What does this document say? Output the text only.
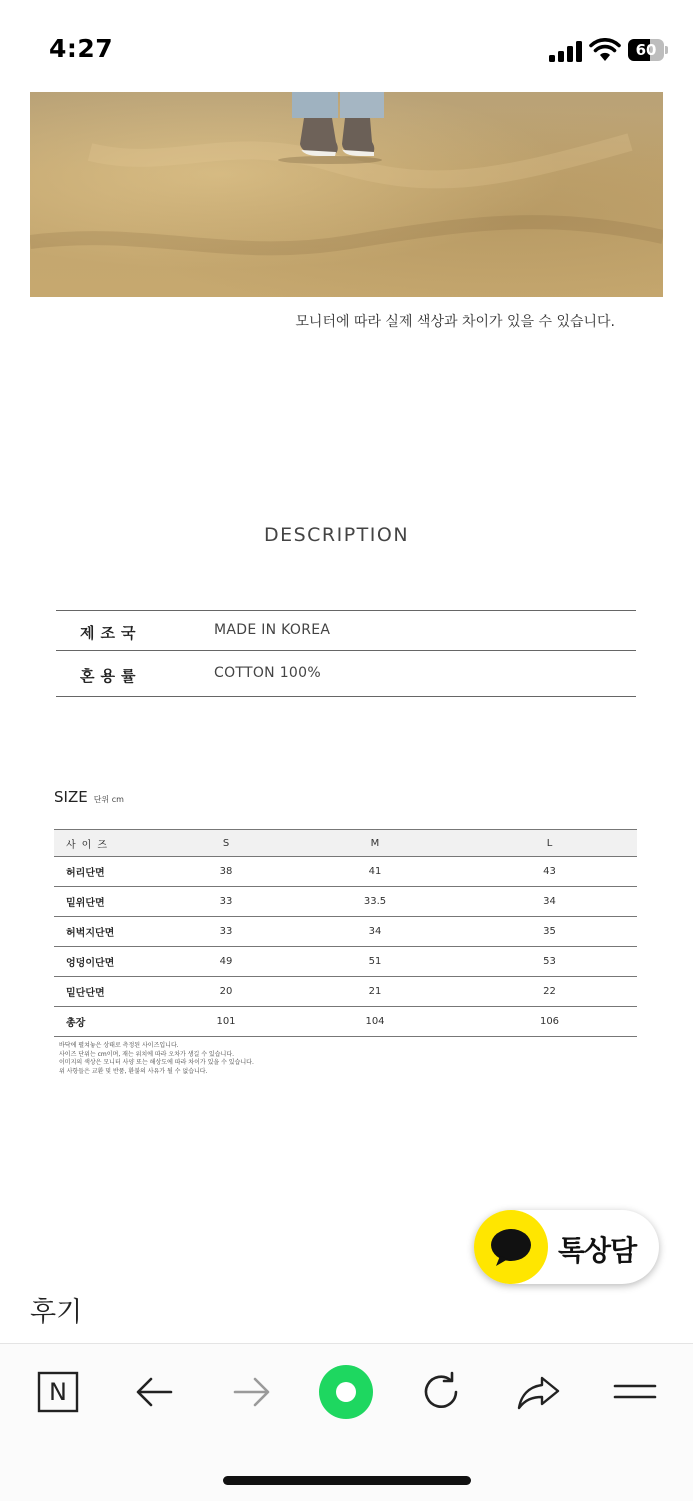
4:27	60
모니터에 따라 실제 색상과 차이가 있을 수 있습니다.
DESCRIPTION
제조국	MADE IN KOREA
혼용률	COTTON 100%
SIZE 단위 cm
사이즈	S	M	L
허리단면	38	41	43
밑위단면	33	33.5	34
허벅지단면	33	34	35
엉덩이단면	49	51	53
밑단단면	20	21	22
총장	101	104	106
바닥에 펼쳐놓은 상태로 측정된 사이즈입니다.
사이즈 단위는 cm이며, 재는 위치에 따라 오차가 생길 수 있습니다.
이미지의 색상은 모니터 사양 또는 해상도에 따라 차이가 있을 수 있습니다.
위 사항들은 교환 및 반품, 환불의 사유가 될 수 없습니다.
톡상담
후기
N
